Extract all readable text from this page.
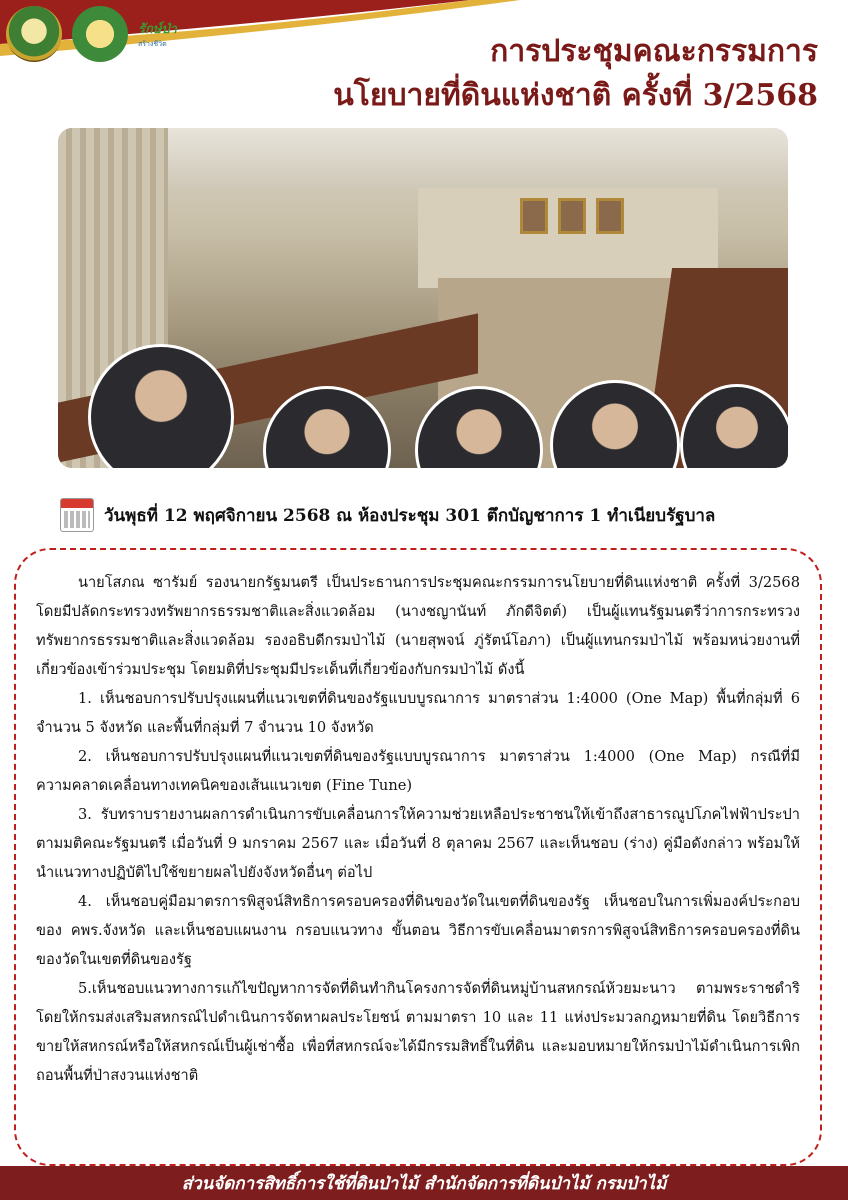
รักษ์ป่า
สร้างชีวิต	การประชุมคณะกรรมการ
นโยบายที่ดินแห่งชาติ ครั้งที่ 3/2568
วันพุธที่ 12 พฤศจิกายน 2568 ณ ห้องประชุม 301 ตึกบัญชาการ 1 ทำเนียบรัฐบาล

นายโสภณ ซารัมย์ รองนายกรัฐมนตรี เป็นประธานการประชุมคณะกรรมการนโยบายที่ดินแห่งชาติ ครั้งที่ 3/2568 โดยมีปลัดกระทรวงทรัพยากรธรรมชาติและสิ่งแวดล้อม (นางชญานันท์ ภักดีจิตต์) เป็นผู้แทนรัฐมนตรีว่าการกระทรวงทรัพยากรธรรมชาติและสิ่งแวดล้อม รองอธิบดีกรมป่าไม้ (นายสุพจน์ ภู่รัตน์โอภา) เป็นผู้แทนกรมป่าไม้ พร้อมหน่วยงานที่เกี่ยวข้องเข้าร่วมประชุม โดยมติที่ประชุมมีประเด็นที่เกี่ยวข้องกับกรมป่าไม้ ดังนี้

1. เห็นชอบการปรับปรุงแผนที่แนวเขตที่ดินของรัฐแบบบูรณาการ มาตราส่วน 1:4000 (One Map) พื้นที่กลุ่มที่ 6 จำนวน 5 จังหวัด และพื้นที่กลุ่มที่ 7 จำนวน 10 จังหวัด

2. เห็นชอบการปรับปรุงแผนที่แนวเขตที่ดินของรัฐแบบบูรณาการ มาตราส่วน 1:4000 (One Map) กรณีที่มีความคลาดเคลื่อนทางเทคนิคของเส้นแนวเขต (Fine Tune)

3. รับทราบรายงานผลการดำเนินการขับเคลื่อนการให้ความช่วยเหลือประชาชนให้เข้าถึงสาธารณูปโภคไฟฟ้าประปา ตามมติคณะรัฐมนตรี เมื่อวันที่ 9 มกราคม 2567 และ เมื่อวันที่ 8 ตุลาคม 2567 และเห็นชอบ (ร่าง) คู่มือดังกล่าว พร้อมให้นำแนวทางปฏิบัติไปใช้ขยายผลไปยังจังหวัดอื่นๆ ต่อไป

4. เห็นชอบคู่มือมาตรการพิสูจน์สิทธิการครอบครองที่ดินของวัดในเขตที่ดินของรัฐ เห็นชอบในการเพิ่มองค์ประกอบของ คพร.จังหวัด และเห็นชอบแผนงาน กรอบแนวทาง ขั้นตอน วิธีการขับเคลื่อนมาตรการพิสูจน์สิทธิการครอบครองที่ดินของวัดในเขตที่ดินของรัฐ

5.เห็นชอบแนวทางการแก้ไขปัญหาการจัดที่ดินทำกินโครงการจัดที่ดินหมู่บ้านสหกรณ์ห้วยมะนาว ตามพระราชดำริ โดยให้กรมส่งเสริมสหกรณ์ไปดำเนินการจัดหาผลประโยชน์ ตามมาตรา 10 และ 11 แห่งประมวลกฎหมายที่ดิน โดยวิธีการขายให้สหกรณ์หรือให้สหกรณ์เป็นผู้เช่าซื้อ เพื่อที่สหกรณ์จะได้มีกรรมสิทธิ์ในที่ดิน และมอบหมายให้กรมป่าไม้ดำเนินการเพิกถอนพื้นที่ป่าสงวนแห่งชาติ

ส่วนจัดการสิทธิ์การใช้ที่ดินป่าไม้ สำนักจัดการที่ดินป่าไม้ กรมป่าไม้
